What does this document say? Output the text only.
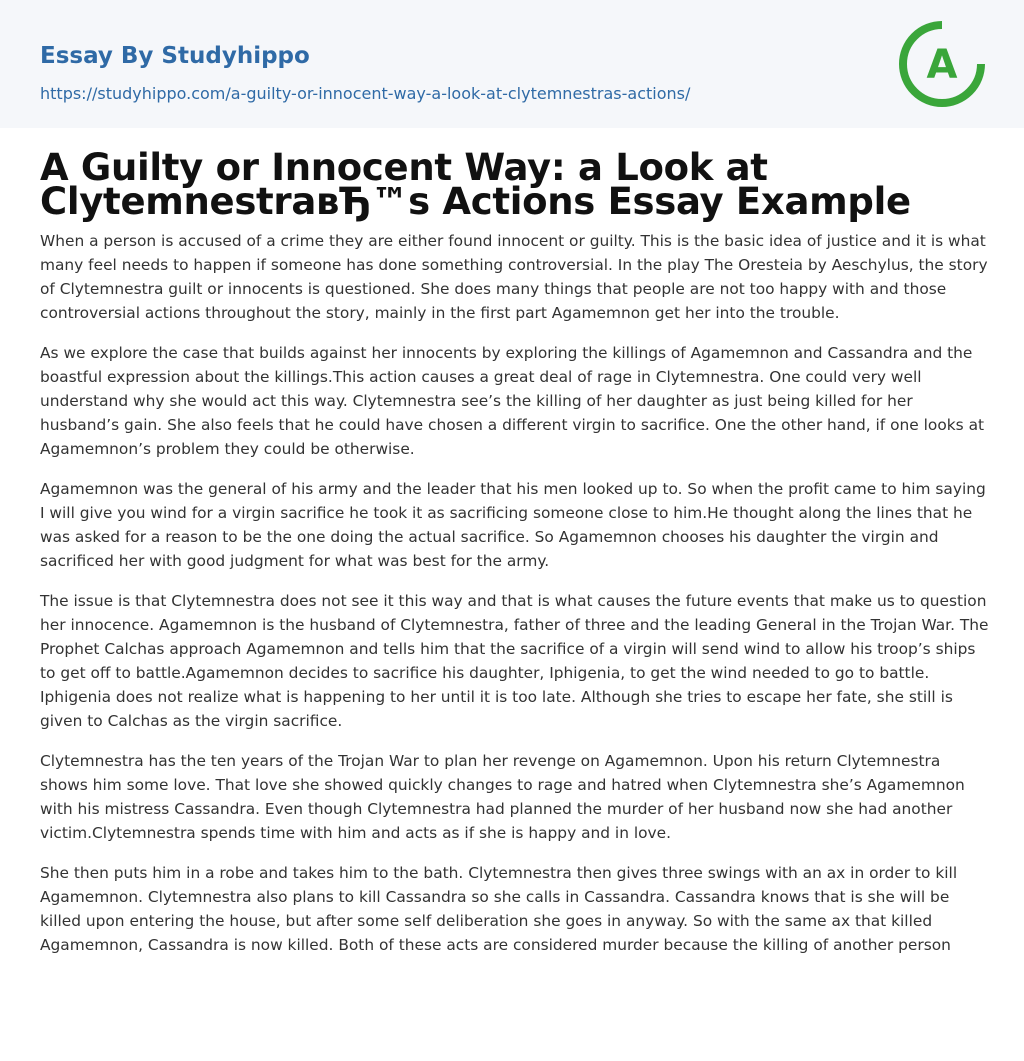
Essay By Studyhippo
https://studyhippo.com/a-guilty-or-innocent-way-a-look-at-clytemnestras-actions/
A
A Guilty or Innocent Way: a Look at ClytemnestraвЂ™s Actions Essay Example

When a person is accused of a crime they are either found innocent or guilty. This is the basic idea of justice and it is what many feel needs to happen if someone has done something controversial. In the play The Oresteia by Aeschylus, the story of Clytemnestra guilt or innocents is questioned. She does many things that people are not too happy with and those controversial actions throughout the story, mainly in the first part Agamemnon get her into the trouble.

As we explore the case that builds against her innocents by exploring the killings of Agamemnon and Cassandra and the boastful expression about the killings.This action causes a great deal of rage in Clytemnestra. One could very well understand why she would act this way. Clytemnestra see’s the killing of her daughter as just being killed for her husband’s gain. She also feels that he could have chosen a different virgin to sacrifice. One the other hand, if one looks at Agamemnon’s problem they could be otherwise.

Agamemnon was the general of his army and the leader that his men looked up to. So when the profit came to him saying I will give you wind for a virgin sacrifice he took it as sacrificing someone close to him.He thought along the lines that he was asked for a reason to be the one doing the actual sacrifice. So Agamemnon chooses his daughter the virgin and sacrificed her with good judgment for what was best for the army.

The issue is that Clytemnestra does not see it this way and that is what causes the future events that make us to question her innocence. Agamemnon is the husband of Clytemnestra, father of three and the leading General in the Trojan War. The Prophet Calchas approach Agamemnon and tells him that the sacrifice of a virgin will send wind to allow his troop’s ships to get off to battle.Agamemnon decides to sacrifice his daughter, Iphigenia, to get the wind needed to go to battle. Iphigenia does not realize what is happening to her until it is too late. Although she tries to escape her fate, she still is given to Calchas as the virgin sacrifice.

Clytemnestra has the ten years of the Trojan War to plan her revenge on Agamemnon. Upon his return Clytemnestra shows him some love. That love she showed quickly changes to rage and hatred when Clytemnestra she’s Agamemnon with his mistress Cassandra. Even though Clytemnestra had planned the murder of her husband now she had another victim.Clytemnestra spends time with him and acts as if she is happy and in love.

She then puts him in a robe and takes him to the bath. Clytemnestra then gives three swings with an ax in order to kill Agamemnon. Clytemnestra also plans to kill Cassandra so she calls in Cassandra. Cassandra knows that is she will be killed upon entering the house, but after some self deliberation she goes in anyway. So with the same ax that killed Agamemnon, Cassandra is now killed. Both of these acts are considered murder because the killing of another person
